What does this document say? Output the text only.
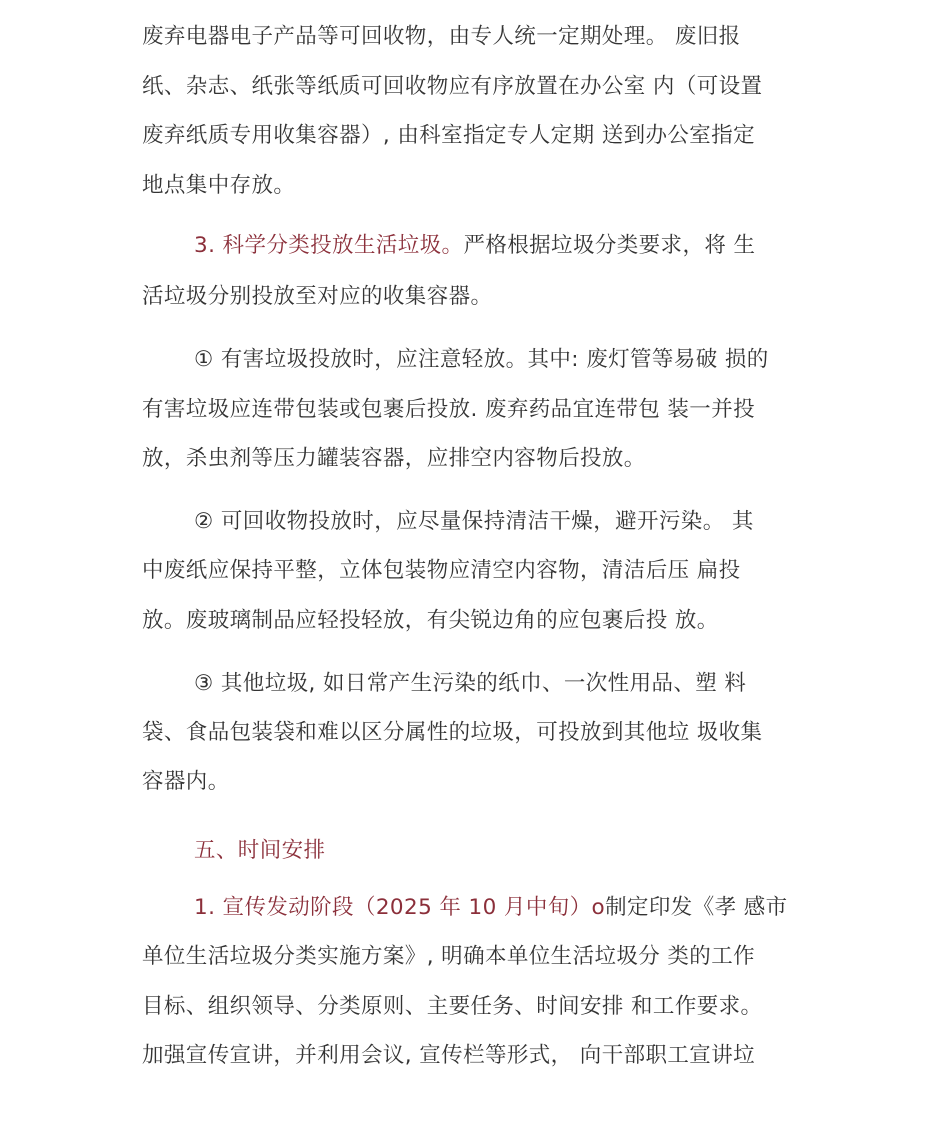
废弃电器电子产品等可回收物，由专人统一定期处理。 废旧报
纸、杂志、纸张等纸质可回收物应有序放置在办公室 内（可设置
废弃纸质专用收集容器）, 由科室指定专人定期 送到办公室指定
地点集中存放。
3. 科学分类投放生活垃圾。严格根据垃圾分类要求，将 生
活垃圾分别投放至对应的收集容器。
① 有害垃圾投放时，应注意轻放。其中: 废灯管等易破 损的
有害垃圾应连带包装或包裹后投放. 废弃药品宜连带包 装一并投
放，杀虫剂等压力罐装容器，应排空内容物后投放。
② 可回收物投放时，应尽量保持清洁干燥，避开污染。 其
中废纸应保持平整，立体包装物应清空内容物，清洁后压 扁投
放。废玻璃制品应轻投轻放，有尖锐边角的应包裹后投 放。
③ 其他垃圾, 如日常产生污染的纸巾、一次性用品、塑 料
袋、食品包装袋和难以区分属性的垃圾，可投放到其他垃 圾收集
容器内。
五、时间安排
1. 宣传发动阶段（2025 年 10 月中旬）o制定印发《孝 感市
单位生活垃圾分类实施方案》, 明确本单位生活垃圾分 类的工作
目标、组织领导、分类原则、主要任务、时间安排 和工作要求。
加强宣传宣讲，并利用会议, 宣传栏等形式， 向干部职工宣讲垃
